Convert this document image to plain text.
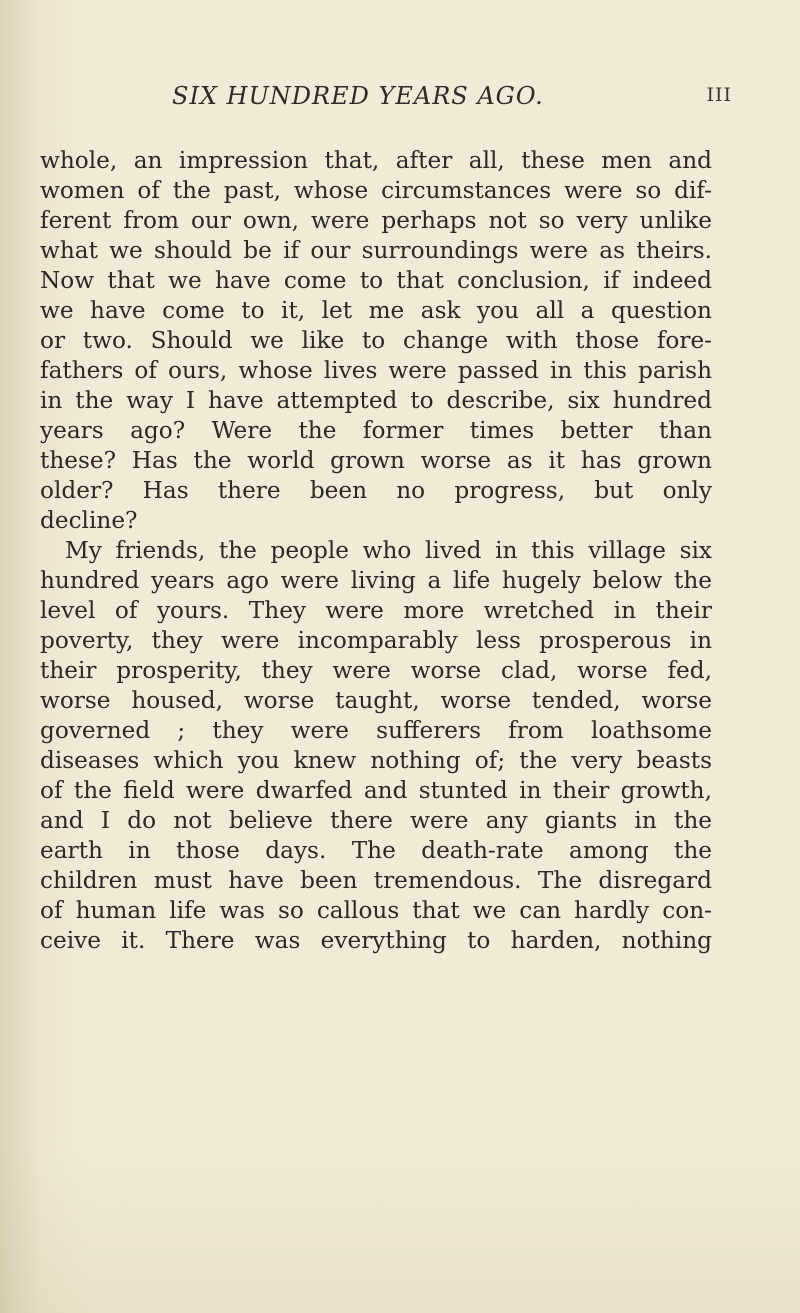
SIX HUNDRED YEARS AGO.	III
whole, an impression that, after all, these men and
women of the past, whose circumstances were so dif-
ferent from our own, were perhaps not so very unlike
what we should be if our surroundings were as theirs.
Now that we have come to that conclusion, if indeed
we have come to it, let me ask you all a question
or two. Should we like to change with those fore-
fathers of ours, whose lives were passed in this parish
in the way I have attempted to describe, six hundred
years ago? Were the former times better than
these? Has the world grown worse as it has grown
older? Has there been no progress, but only
decline?
My friends, the people who lived in this village six
hundred years ago were living a life hugely below the
level of yours. They were more wretched in their
poverty, they were incomparably less prosperous in
their prosperity, they were worse clad, worse fed,
worse housed, worse taught, worse tended, worse
governed ; they were sufferers from loathsome
diseases which you knew nothing of; the very beasts
of the field were dwarfed and stunted in their growth,
and I do not believe there were any giants in the
earth in those days. The death-rate among the
children must have been tremendous. The disregard
of human life was so callous that we can hardly con-
ceive it. There was everything to harden, nothing
